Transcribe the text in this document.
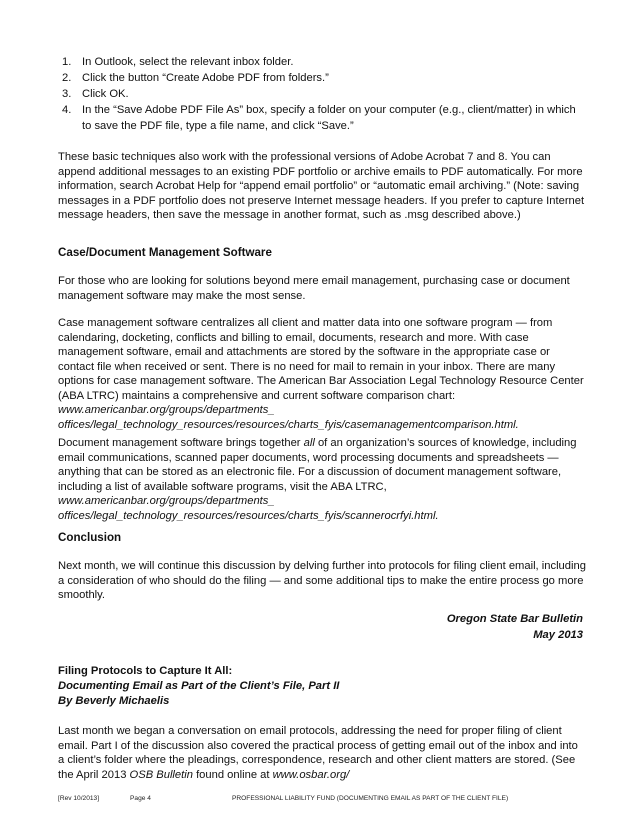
1. In Outlook, select the relevant inbox folder.
2. Click the button “Create Adobe PDF from folders.”
3. Click OK.
4. In the “Save Adobe PDF File As” box, specify a folder on your computer (e.g., client/matter) in which to save the PDF file, type a file name, and click “Save.”

These basic techniques also work with the professional versions of Adobe Acrobat 7 and 8. You can append additional messages to an existing PDF portfolio or archive emails to PDF automatically. For more information, search Acrobat Help for “append email portfolio” or “automatic email archiving.” (Note: saving messages in a PDF portfolio does not preserve Internet message headers. If you prefer to capture Internet message headers, then save the message in another format, such as .msg described above.)

Case/Document Management Software

For those who are looking for solutions beyond mere email management, purchasing case or document management software may make the most sense.

Case management software centralizes all client and matter data into one software program — from calendaring, docketing, conflicts and billing to email, documents, research and more. With case management software, email and attachments are stored by the software in the appropriate case or contact file when received or sent. There is no need for mail to remain in your inbox. There are many options for case management software. The American Bar Association Legal Technology Resource Center (ABA LTRC) maintains a comprehensive and current software comparison chart:
www.americanbar.org/groups/departments_
offices/legal_technology_resources/resources/charts_fyis/casemanagementcomparison.html.

Document management software brings together all of an organization’s sources of knowledge, including email communications, scanned paper documents, word processing documents and spreadsheets — anything that can be stored as an electronic file. For a discussion of document management software, including a list of available software programs, visit the ABA LTRC,
www.americanbar.org/groups/departments_
offices/legal_technology_resources/resources/charts_fyis/scannerocrfyi.html.

Conclusion

Next month, we will continue this discussion by delving further into protocols for filing client email, including a consideration of who should do the filing — and some additional tips to make the entire process go more smoothly.

Oregon State Bar Bulletin

May 2013

Filing Protocols to Capture It All:
Documenting Email as Part of the Client’s File, Part II
By Beverly Michaelis

Last month we began a conversation on email protocols, addressing the need for proper filing of client email. Part I of the discussion also covered the practical process of getting email out of the inbox and into a client’s folder where the pleadings, correspondence, research and other client matters are stored. (See the April 2013 OSB Bulletin found online at www.osbar.org/

[Rev 10/2013]	Page 4	PROFESSIONAL LIABILITY FUND (DOCUMENTING EMAIL AS PART OF THE CLIENT FILE)
